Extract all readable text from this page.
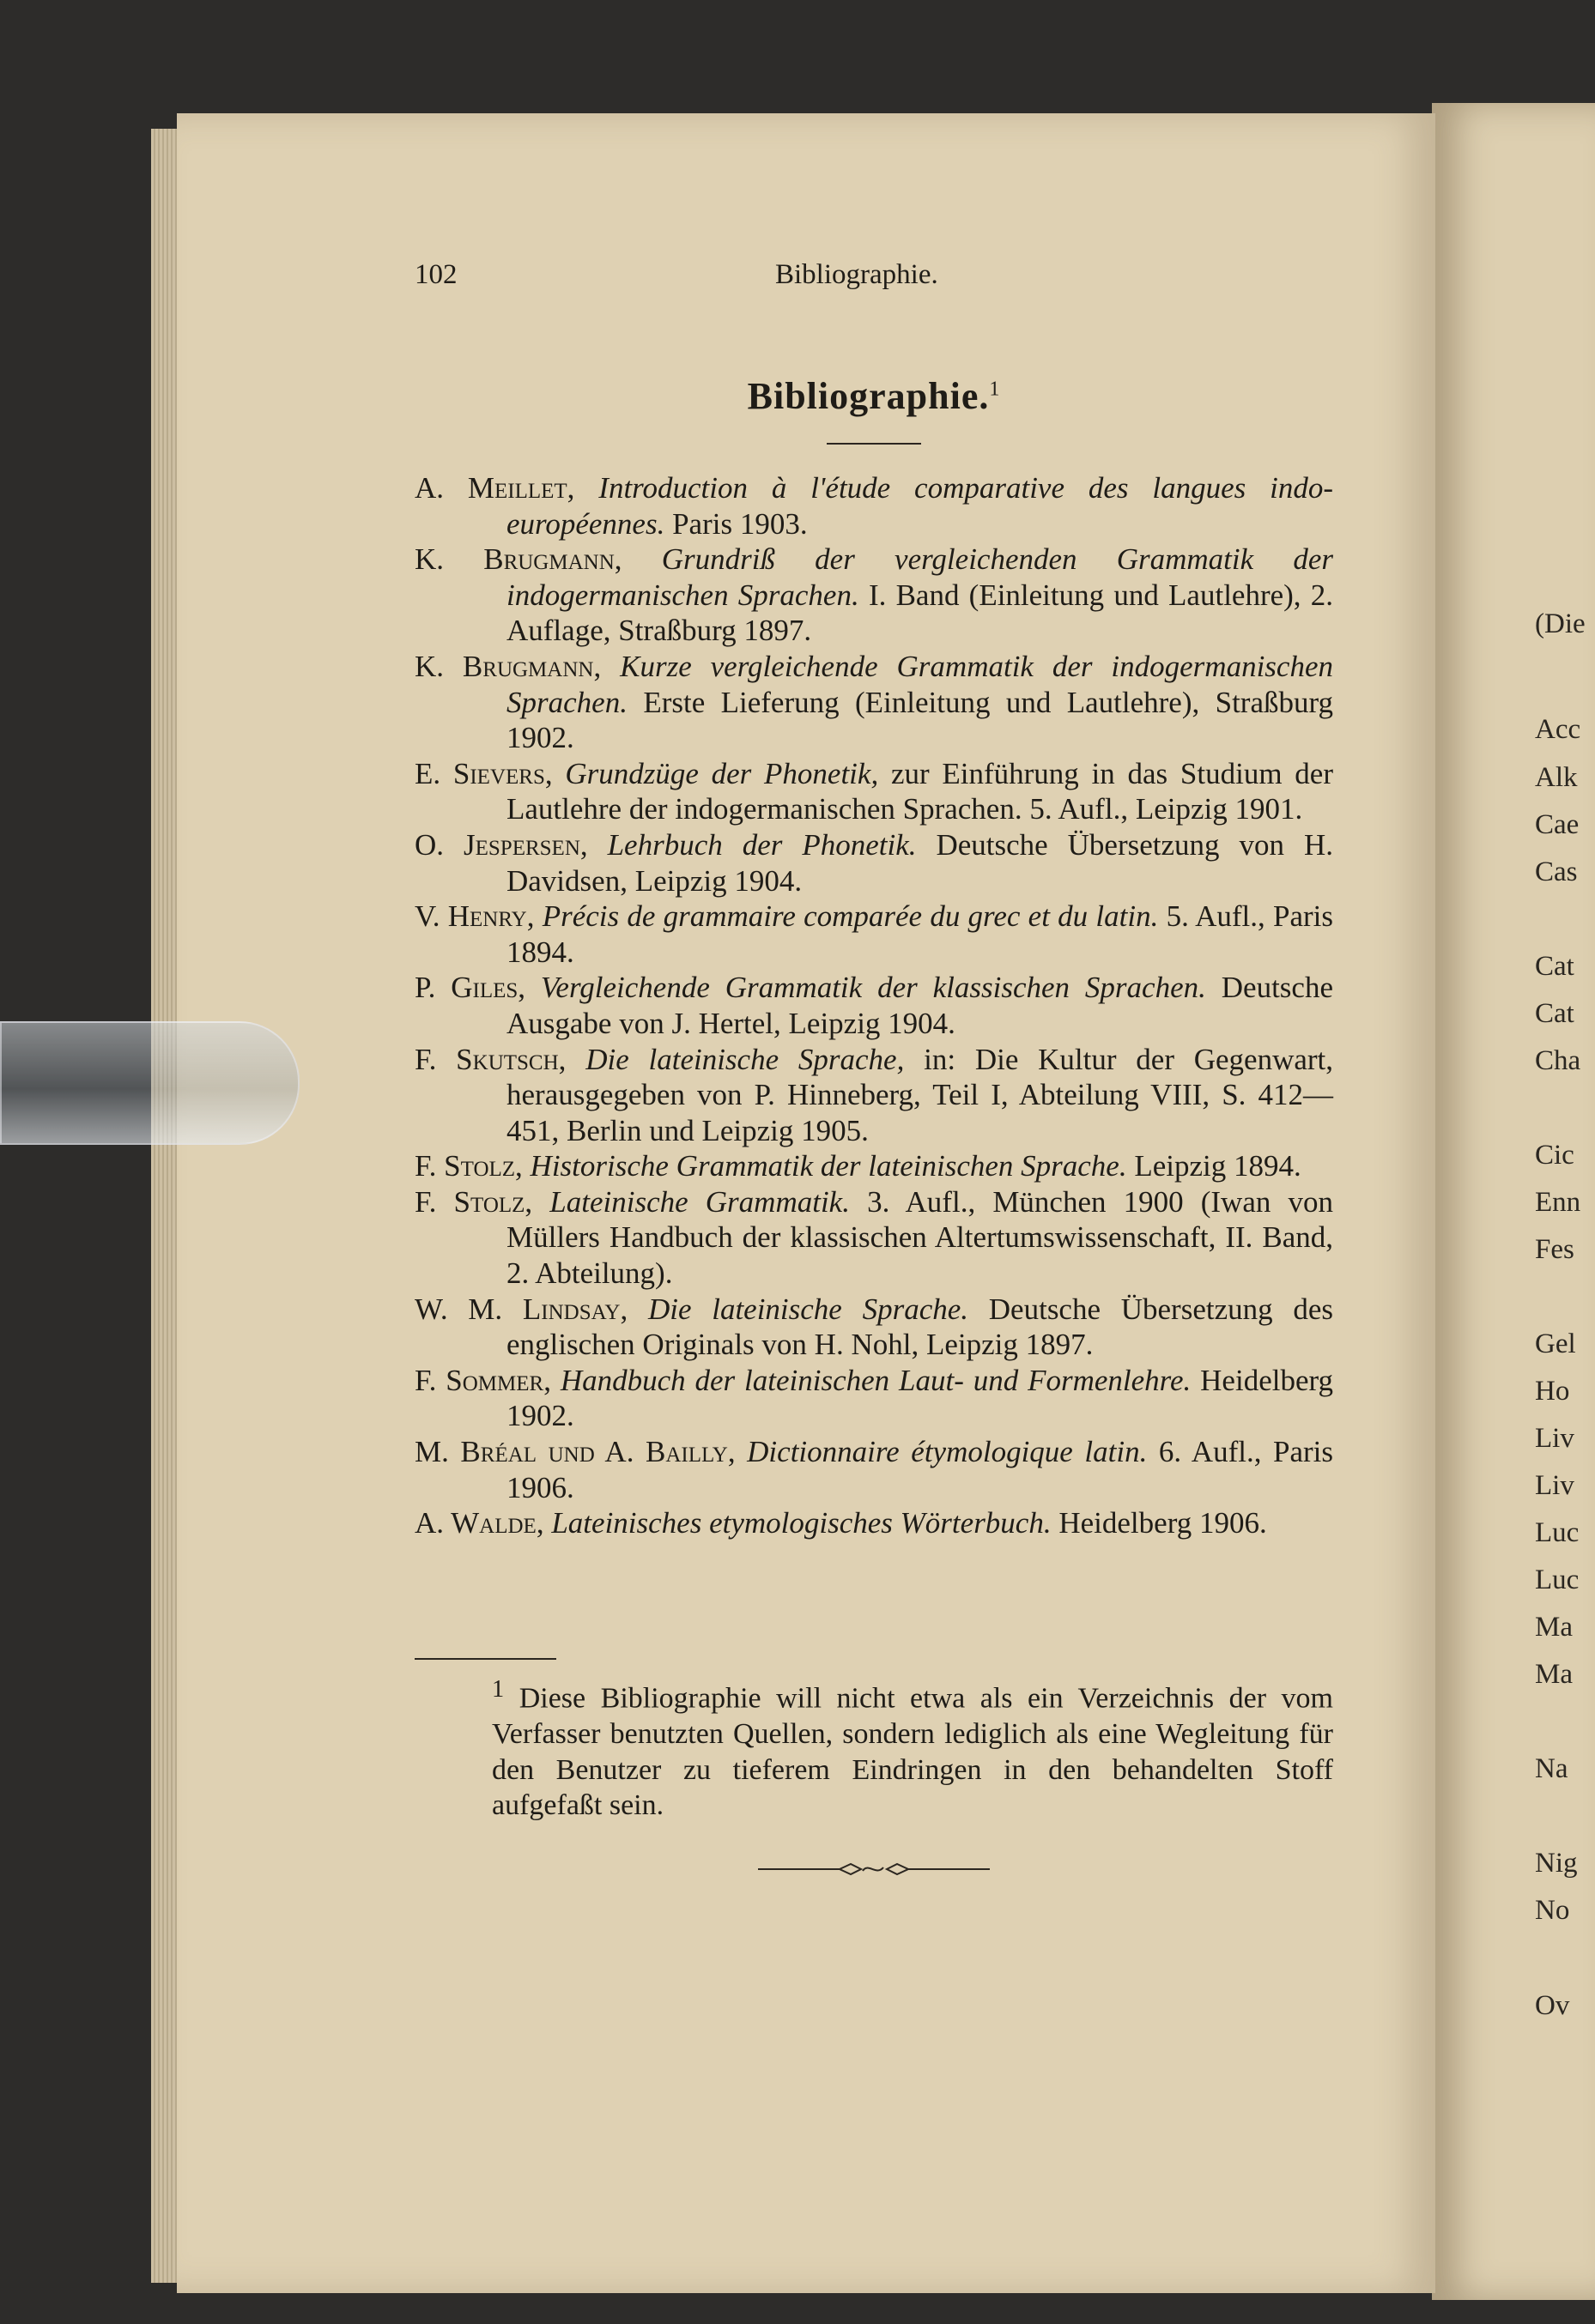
(Die
Acc
Alk
Cae
Cas
Cat
Cat
Cha
Cic
Enn
Fes
Gel
Ho
Liv
Liv
Luc
Luc
Ma
Ma
Na
Nig
No
Ov
102	Bibliographie.
Bibliographie.$^1$
A. Meillet, Introduction à l'étude comparative des langues indo-européennes. Paris 1903.
K. Brugmann, Grundriß der vergleichenden Grammatik der indogermanischen Sprachen. I. Band (Einleitung und Lautlehre), 2. Auflage, Straßburg 1897.
K. Brugmann, Kurze vergleichende Grammatik der indogermanischen Sprachen. Erste Lieferung (Einleitung und Lautlehre), Straßburg 1902.
E. Sievers, Grundzüge der Phonetik, zur Einführung in das Studium der Lautlehre der indogermanischen Sprachen. 5. Aufl., Leipzig 1901.
O. Jespersen, Lehrbuch der Phonetik. Deutsche Übersetzung von H. Davidsen, Leipzig 1904.
V. Henry, Précis de grammaire comparée du grec et du latin. 5. Aufl., Paris 1894.
P. Giles, Vergleichende Grammatik der klassischen Sprachen. Deutsche Ausgabe von J. Hertel, Leipzig 1904.
F. Skutsch, Die lateinische Sprache, in: Die Kultur der Gegenwart, herausgegeben von P. Hinneberg, Teil I, Abteilung VIII, S. 412—451, Berlin und Leipzig 1905.
F. Stolz, Historische Grammatik der lateinischen Sprache. Leipzig 1894.
F. Stolz, Lateinische Grammatik. 3. Aufl., München 1900 (Iwan von Müllers Handbuch der klassischen Altertumswissenschaft, II. Band, 2. Abteilung).
W. M. Lindsay, Die lateinische Sprache. Deutsche Übersetzung des englischen Originals von H. Nohl, Leipzig 1897.
F. Sommer, Handbuch der lateinischen Laut- und Formenlehre. Heidelberg 1902.
M. Bréal und A. Bailly, Dictionnaire étymologique latin. 6. Aufl., Paris 1906.
A. Walde, Lateinisches etymologisches Wörterbuch. Heidelberg 1906.
$^1$ Diese Bibliographie will nicht etwa als ein Verzeichnis der vom Verfasser benutzten Quellen, sondern lediglich als eine Wegleitung für den Benutzer zu tieferem Eindringen in den behandelten Stoff aufgefaßt sein.
